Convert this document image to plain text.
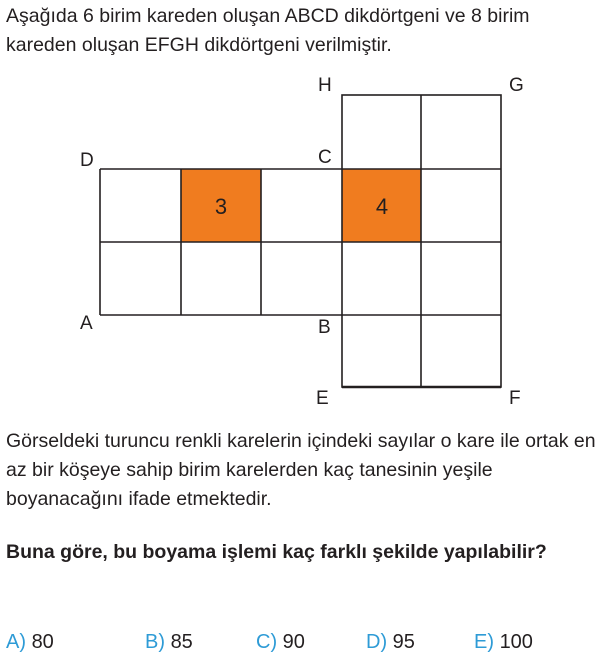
Aşağıda 6 birim kareden oluşan ABCD dikdörtgeni ve 8 birim kareden oluşan EFGH dikdörtgeni verilmiştir.

H	G
D	C
A	B
E	F
3	4

Görseldeki turuncu renkli karelerin içindeki sayılar o kare ile ortak en az bir köşeye sahip birim karelerden kaç tanesinin yeşile boyanacağını ifade etmektedir.

Buna göre, bu boyama işlemi kaç farklı şekilde yapılabilir?

A) 80	B) 85	C) 90	D) 95	E) 100
